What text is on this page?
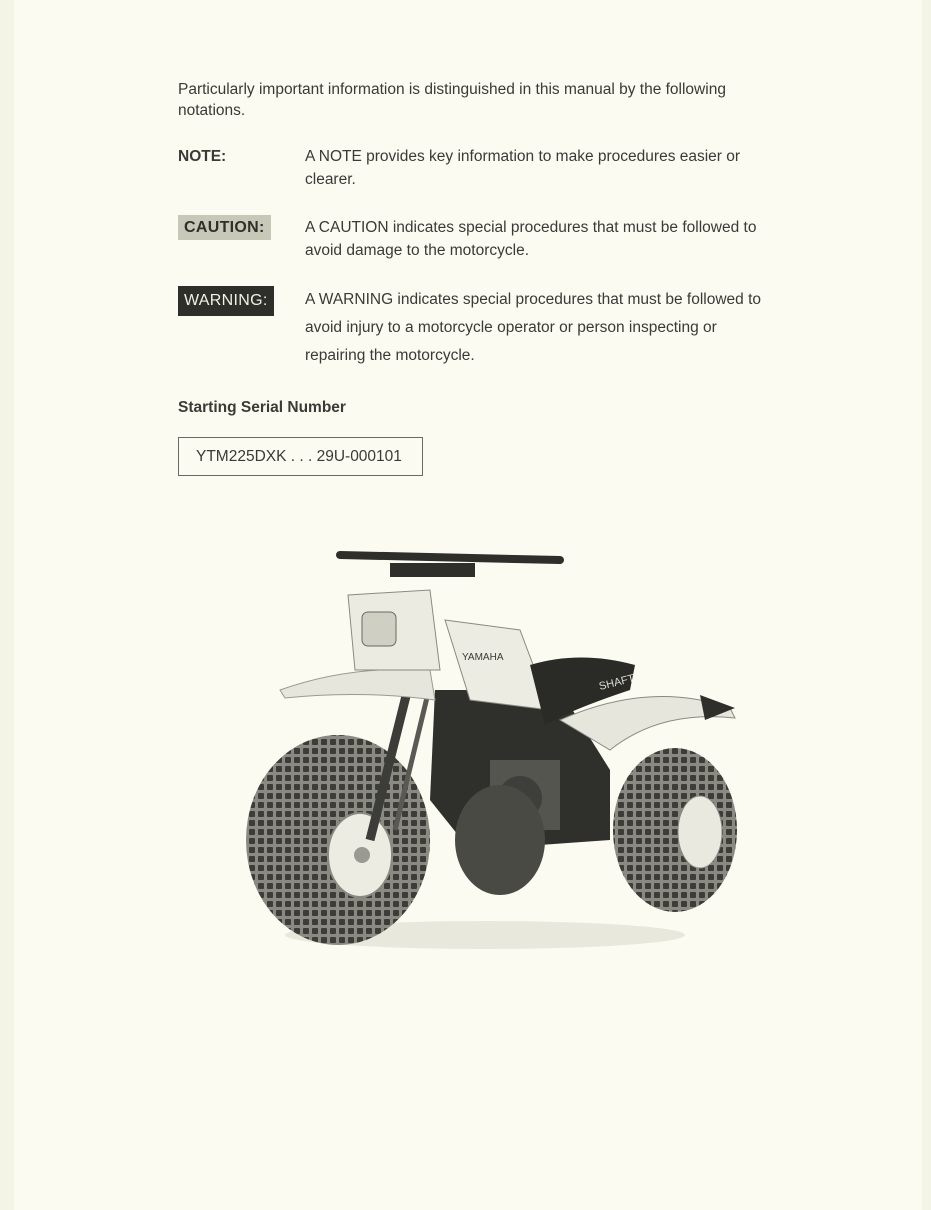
Particularly important information is distinguished in this manual by the following notations.
NOTE:	A NOTE provides key information to make procedures easier or clearer.
CAUTION:	A CAUTION indicates special procedures that must be followed to avoid damage to the motorcycle.
WARNING:	A WARNING indicates special procedures that must be followed to avoid injury to a motorcycle operator or person inspecting or repairing the motorcycle.
Starting Serial Number
YTM225DXK . . . 29U-000101
YAMAHA
SHAFT
